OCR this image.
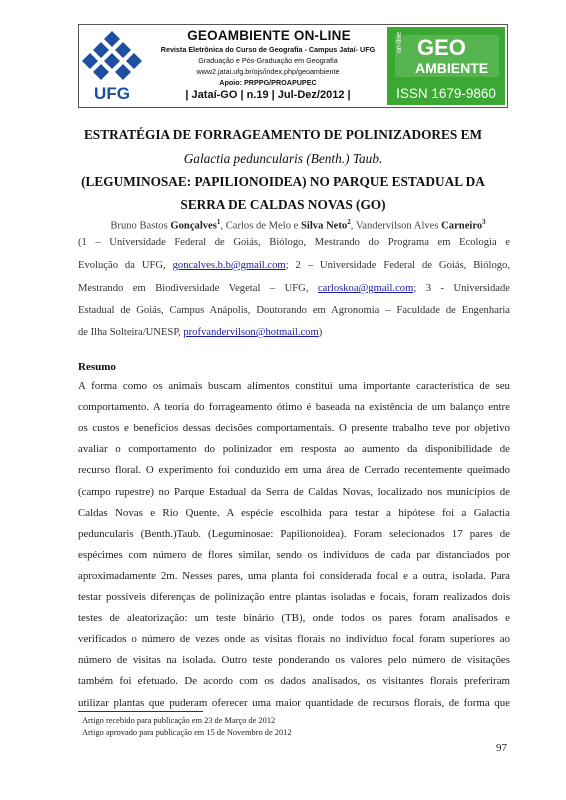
UFG
GEOAMBIENTE ON-LINE
Revista Eletrônica do Curso de Geografia - Campus Jataí- UFG
Graduação e Pós-Graduação em Geografia
www2.jatai.ufg.br/ojs/index.php/geoambiente
Apoio: PRPPG/PROAPUPEC
| Jataí-GO | n.19 | Jul-Dez/2012 |
on-line GEO
AMBIENTE
ISSN 1679-9860
ESTRATÉGIA DE FORRAGEAMENTO DE POLINIZADORES EM
Galactia peduncularis (Benth.) Taub.
(LEGUMINOSAE: PAPILIONOIDEA) NO PARQUE ESTADUAL DA
SERRA DE CALDAS NOVAS (GO)
Bruno Bastos Gonçalves$^1$, Carlos de Melo e Silva Neto$^2$, Vandervilson Alves Carneiro$^3$
(1 – Universidade Federal de Goiás, Biólogo, Mestrando do Programa em Ecologia e
Evolução da UFG, goncalves.b.b@gmail.com; 2 – Universidade Federal de Goiás, Biólogo,
Mestrando em Biodiversidade Vegetal – UFG, carloskoa@gmail.com; 3 - Universidade
Estadual de Goiás, Campus Anápolis, Doutorando em Agronomia – Faculdade de Engenharia
de Ilha Solteira/UNESP, profvandervilson@hotmail.com)
Resumo
A forma como os animais buscam alimentos constitui uma importante característica de seu
comportamento. A teoria do forrageamento ótimo é baseada na existência de um balanço entre
os custos e benefícios dessas decisões comportamentais. O presente trabalho teve por objetivo
avaliar o comportamento do polinizador em resposta ao aumento da disponibilidade de
recurso floral. O experimento foi conduzido em uma área de Cerrado recentemente queimado
(campo rupestre) no Parque Estadual da Serra de Caldas Novas, localizado nos municípios de
Caldas Novas e Rio Quente. A espécie escolhida para testar a hipótese foi a Galactia
peduncularis (Benth.)Taub. (Leguminosae: Papilionoidea). Foram selecionados 17 pares de
espécimes com número de flores similar, sendo os indivíduos de cada par distanciados por
aproximadamente 2m. Nesses pares, uma planta foi considerada focal e a outra, isolada. Para
testar possíveis diferenças de polinização entre plantas isoladas e focais, foram realizados dois
testes de aleatorização: um teste binário (TB), onde todos os pares foram analisados e
verificados o número de vezes onde as visitas florais no indivíduo focal foram superiores ao
número de visitas na isolada. Outro teste ponderando os valores pelo número de visitações
também foi efetuado. De acordo com os dados analisados, os visitantes florais preferiram
utilizar plantas que puderam oferecer uma maior quantidade de recursos florais, de forma que
Artigo recebido para publicação em 23 de Março de 2012
Artigo aprovado para publicação em 15 de Novembro de 2012
97
